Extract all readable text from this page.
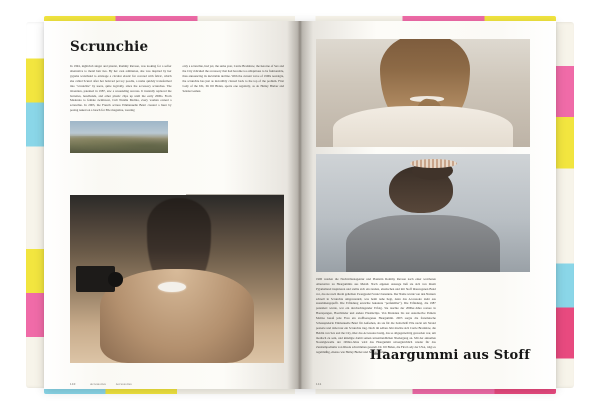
Scrunchie
In 1994, nightclub singer and pianist, Rommy Revson, was looking for a softer alternative to metal hair ties. By her own admission, she was inspired by her pyjama waistband to envisage a circular elastic fur covered with fabric, which she called Scunci after her beloved pet toy poodle, a name quickly transformed into "scrunchie" by users, quite logically, since the accessory scrunches. The invention, patented in 1987, saw a resounding success. It instantly replaced the barrettes, headbands, and other plastic clips up until the early 2000s. From Madonna to female swimwear, Cult Natalie Molina, every woman owned a scrunchie. In 2003, the French actress Emmanuelle Béart created a buzz by posing naked on a beach for Elle magazine, wearing
only a scrunchie, had yet, the same year, Carrie Bradshaw, the heroine of Sex and the City ridiculed the accessory that had become too ubiquitous to be fashionable, thus announcing its inevitable decline. With the current wave of 1990s nostalgia, the scrunchie has just as incredibly clawed back to the top of the podium. First Lady of the UK, Dr Jill Biden, sports one regularly, as do Hailey Bieber and Selena Gomez.
140	Accessories	Accessoires

1990 wurden die Nachrichtenagentur und Pianistin Rommy Revson nach einer weicheren Alternative zu Haargummis aus Metall. Nach eigenen Aussage ließ sie sich von ihrem Pyjamabund inspirieren und stellte sich ein runden, elastischen und mit Stoff überzogenen Band vor, das sie nach ihrem geliebten Zwergpudel Scunci benannte. Der Name wurde von den Nutzern schnell in Scrunchie umgewandelt, was beim nahe liegt, denn das Accessoire zieht aus zusammengepufft. Die Erfindung erreichte bekannte "perfektiller"). Die Erfindung, die 1987 patentiert wurde, war ein durchschlagender Erfolg. Sie tauchte der 2000er-Jahre restore in Haarspangen, Haarbänder und andere Plastikclips. Von Madonna bis zur Automotive Pamela Molina besaß jede Frau ein stoffbezogenes Haargummi. 2003 sorgte die französische Schauspielerin Emmanuelle Béart für Aufsehen, als sie für die Zeitschrift Elle nackt am Strand posierte und dabei nur ein Scrunchie trug. Doch im selben Jahr machte sich Carrie Bradshaw, die Heldin von Sex and the City, über das Accessoire lustig, das so allgegenwärtig geworden war, um modisch zu sein, und kündigte damit seinen unvermeidlichen Niedergang an. Mit der aktuellen Nostalgiewelle der 1990er-Jahre wird das Haargummi unvergleichlich wieder für das Zentrumpodiums von Rhode schwimmen gesandt. Dr. Jill Biden, die First Lady der USA, trägt es regelmäßig, ebenso wie Hailey Bieber und Selena Gomez.

Haargummi aus Stoff
141
